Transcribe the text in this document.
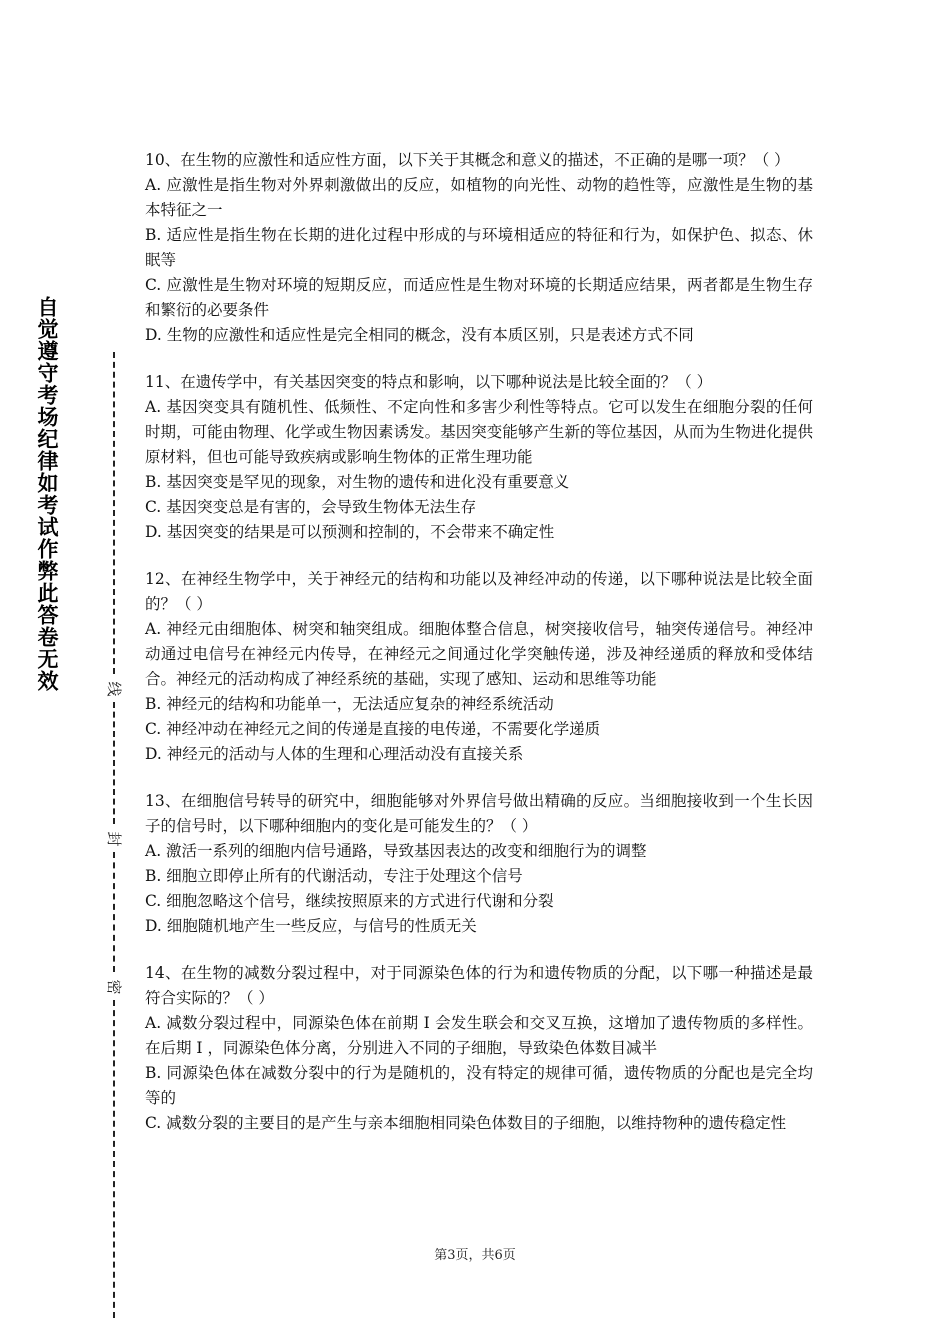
自觉遵守考场纪律如考试作弊此答卷无效	线
封
密

10、在生物的应激性和适应性方面，以下关于其概念和意义的描述，不正确的是哪一项？（ ）

A. 应激性是指生物对外界刺激做出的反应，如植物的向光性、动物的趋性等，应激性是生物的基本特征之一

B. 适应性是指生物在长期的进化过程中形成的与环境相适应的特征和行为，如保护色、拟态、休眠等

C. 应激性是生物对环境的短期反应，而适应性是生物对环境的长期适应结果，两者都是生物生存和繁衍的必要条件

D. 生物的应激性和适应性是完全相同的概念，没有本质区别，只是表述方式不同

11、在遗传学中，有关基因突变的特点和影响，以下哪种说法是比较全面的？（ ）

A. 基因突变具有随机性、低频性、不定向性和多害少利性等特点。它可以发生在细胞分裂的任何时期，可能由物理、化学或生物因素诱发。基因突变能够产生新的等位基因，从而为生物进化提供原材料，但也可能导致疾病或影响生物体的正常生理功能

B. 基因突变是罕见的现象，对生物的遗传和进化没有重要意义

C. 基因突变总是有害的，会导致生物体无法生存

D. 基因突变的结果是可以预测和控制的，不会带来不确定性

12、在神经生物学中，关于神经元的结构和功能以及神经冲动的传递，以下哪种说法是比较全面的？（ ）

A. 神经元由细胞体、树突和轴突组成。细胞体整合信息，树突接收信号，轴突传递信号。神经冲动通过电信号在神经元内传导，在神经元之间通过化学突触传递，涉及神经递质的释放和受体结合。神经元的活动构成了神经系统的基础，实现了感知、运动和思维等功能

B. 神经元的结构和功能单一，无法适应复杂的神经系统活动

C. 神经冲动在神经元之间的传递是直接的电传递，不需要化学递质

D. 神经元的活动与人体的生理和心理活动没有直接关系

13、在细胞信号转导的研究中，细胞能够对外界信号做出精确的反应。当细胞接收到一个生长因子的信号时，以下哪种细胞内的变化是可能发生的？（ ）

A. 激活一系列的细胞内信号通路，导致基因表达的改变和细胞行为的调整

B. 细胞立即停止所有的代谢活动，专注于处理这个信号

C. 细胞忽略这个信号，继续按照原来的方式进行代谢和分裂

D. 细胞随机地产生一些反应，与信号的性质无关

14、在生物的减数分裂过程中，对于同源染色体的行为和遗传物质的分配，以下哪一种描述是最符合实际的？（ ）

A. 减数分裂过程中，同源染色体在前期 Ⅰ 会发生联会和交叉互换，这增加了遗传物质的多样性。在后期 Ⅰ ，同源染色体分离，分别进入不同的子细胞，导致染色体数目减半

B. 同源染色体在减数分裂中的行为是随机的，没有特定的规律可循，遗传物质的分配也是完全均等的

C. 减数分裂的主要目的是产生与亲本细胞相同染色体数目的子细胞，以维持物种的遗传稳定性

第3页，共6页
